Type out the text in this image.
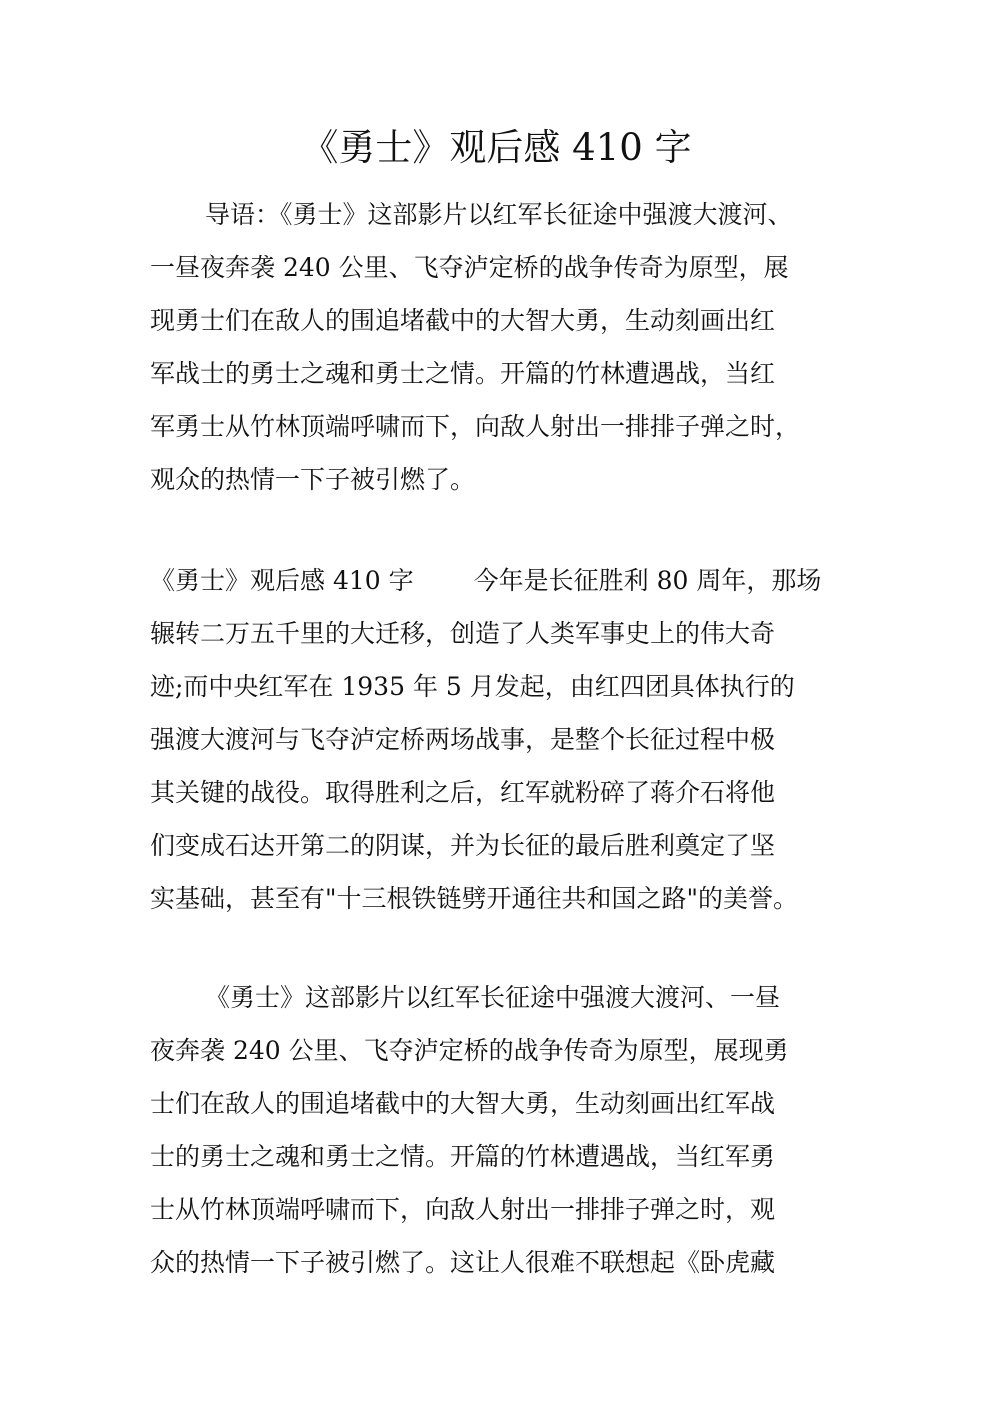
《勇士》观后感 410 字
导语：《勇士》这部影片以红军长征途中强渡大渡河、
一昼夜奔袭 240 公里、飞夺泸定桥的战争传奇为原型，展
现勇士们在敌人的围追堵截中的大智大勇，生动刻画出红
军战士的勇士之魂和勇士之情。开篇的竹林遭遇战，当红
军勇士从竹林顶端呼啸而下，向敌人射出一排排子弹之时，
观众的热情一下子被引燃了。
《勇士》观后感 410 字 今年是长征胜利 80 周年，那场
辗转二万五千里的大迁移，创造了人类军事史上的伟大奇
迹;而中央红军在 1935 年 5 月发起，由红四团具体执行的
强渡大渡河与飞夺泸定桥两场战事，是整个长征过程中极
其关键的战役。取得胜利之后，红军就粉碎了蒋介石将他
们变成石达开第二的阴谋，并为长征的最后胜利奠定了坚
实基础，甚至有"十三根铁链劈开通往共和国之路"的美誉。
《勇士》这部影片以红军长征途中强渡大渡河、一昼
夜奔袭 240 公里、飞夺泸定桥的战争传奇为原型，展现勇
士们在敌人的围追堵截中的大智大勇，生动刻画出红军战
士的勇士之魂和勇士之情。开篇的竹林遭遇战，当红军勇
士从竹林顶端呼啸而下，向敌人射出一排排子弹之时，观
众的热情一下子被引燃了。这让人很难不联想起《卧虎藏
